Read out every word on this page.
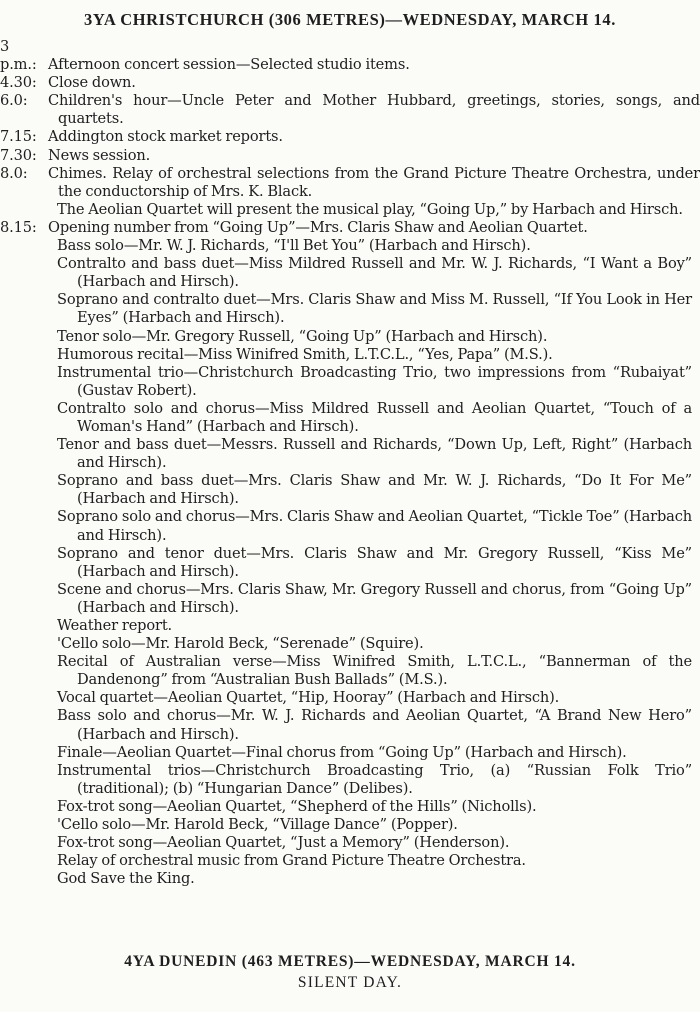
3YA CHRISTCHURCH (306 METRES)—WEDNESDAY, MARCH 14.
3 p.m.: Afternoon concert session—Selected studio items.
4.30: Close down.
6.0: Children's hour—Uncle Peter and Mother Hubbard, greetings, stories, songs, and quartets.
7.15: Addington stock market reports.
7.30: News session.
8.0: Chimes. Relay of orchestral selections from the Grand Picture Theatre Orchestra, under the conductorship of Mrs. K. Black.
The Aeolian Quartet will present the musical play, “Going Up,” by Harbach and Hirsch.
8.15: Opening number from “Going Up”—Mrs. Claris Shaw and Aeolian Quartet.
Bass solo—Mr. W. J. Richards, “I'll Bet You” (Harbach and Hirsch).
Contralto and bass duet—Miss Mildred Russell and Mr. W. J. Richards, “I Want a Boy” (Harbach and Hirsch).
Soprano and contralto duet—Mrs. Claris Shaw and Miss M. Russell, “If You Look in Her Eyes” (Harbach and Hirsch).
Tenor solo—Mr. Gregory Russell, “Going Up” (Harbach and Hirsch).
Humorous recital—Miss Winifred Smith, L.T.C.L., “Yes, Papa” (M.S.).
Instrumental trio—Christchurch Broadcasting Trio, two impressions from “Rubaiyat” (Gustav Robert).
Contralto solo and chorus—Miss Mildred Russell and Aeolian Quartet, “Touch of a Woman's Hand” (Harbach and Hirsch).
Tenor and bass duet—Messrs. Russell and Richards, “Down Up, Left, Right” (Harbach and Hirsch).
Soprano and bass duet—Mrs. Claris Shaw and Mr. W. J. Richards, “Do It For Me” (Harbach and Hirsch).
Soprano solo and chorus—Mrs. Claris Shaw and Aeolian Quartet, “Tickle Toe” (Harbach and Hirsch).
Soprano and tenor duet—Mrs. Claris Shaw and Mr. Gregory Russell, “Kiss Me” (Harbach and Hirsch).
Scene and chorus—Mrs. Claris Shaw, Mr. Gregory Russell and chorus, from “Going Up” (Harbach and Hirsch).
Weather report.
'Cello solo—Mr. Harold Beck, “Serenade” (Squire).
Recital of Australian verse—Miss Winifred Smith, L.T.C.L., “Bannerman of the Dandenong” from “Australian Bush Ballads” (M.S.).
Vocal quartet—Aeolian Quartet, “Hip, Hooray” (Harbach and Hirsch).
Bass solo and chorus—Mr. W. J. Richards and Aeolian Quartet, “A Brand New Hero” (Harbach and Hirsch).
Finale—Aeolian Quartet—Final chorus from “Going Up” (Harbach and Hirsch).
Instrumental trios—Christchurch Broadcasting Trio, (a) “Russian Folk Trio” (traditional); (b) “Hungarian Dance” (Delibes).
Fox-trot song—Aeolian Quartet, “Shepherd of the Hills” (Nicholls).
'Cello solo—Mr. Harold Beck, “Village Dance” (Popper).
Fox-trot song—Aeolian Quartet, “Just a Memory” (Henderson).
Relay of orchestral music from Grand Picture Theatre Orchestra.
God Save the King.
4YA DUNEDIN (463 METRES)—WEDNESDAY, MARCH 14.
SILENT DAY.
